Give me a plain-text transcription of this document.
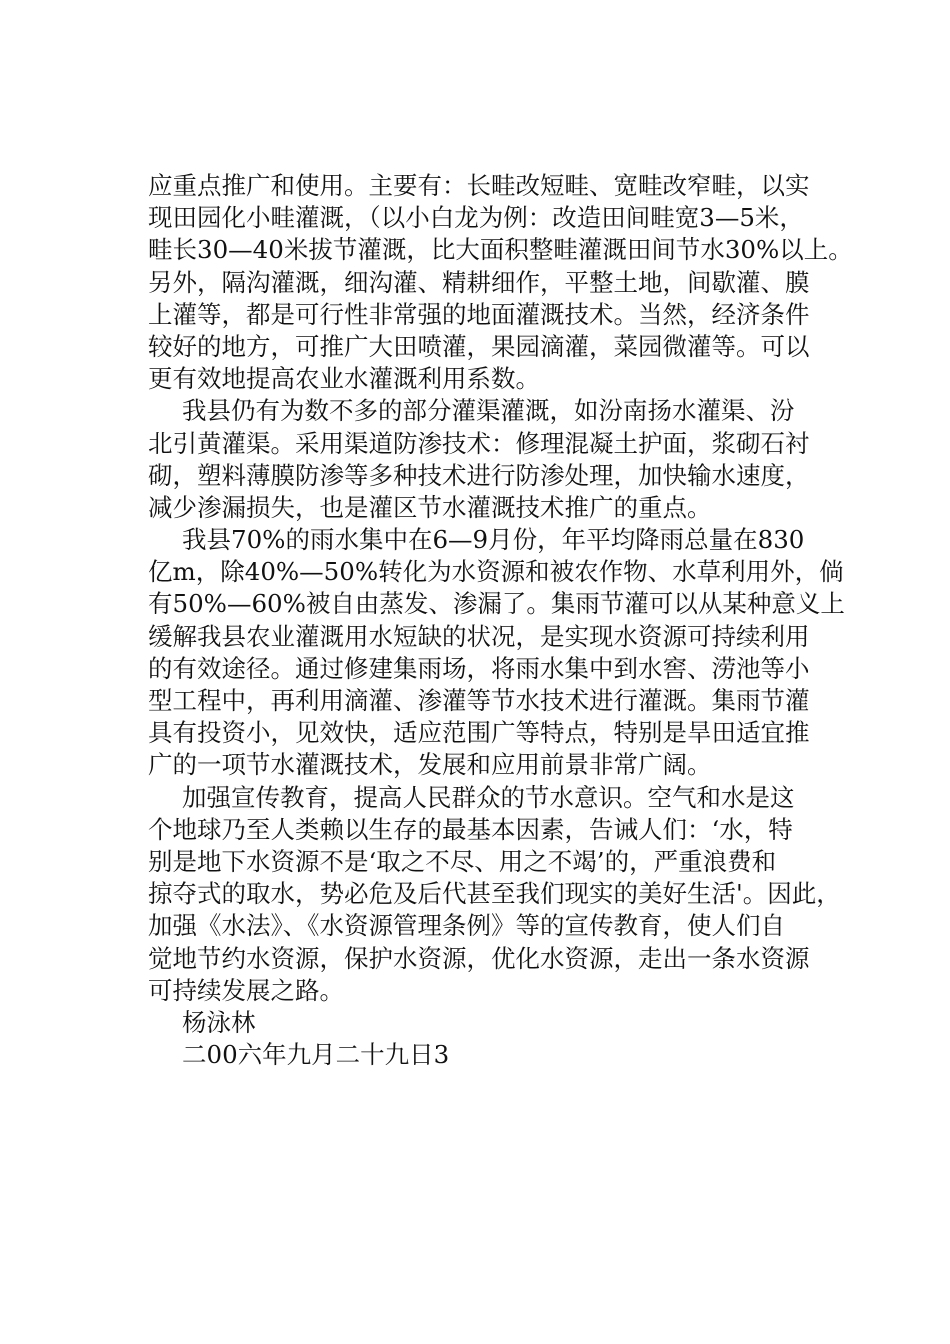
应重点推广和使用。主要有：长畦改短畦、宽畦改窄畦，以实
现田园化小畦灌溉，（以小白龙为例：改造田间畦宽3—5米，
畦长30—40米拔节灌溉，比大面积整畦灌溉田间节水30%以上。
另外，隔沟灌溉，细沟灌、精耕细作，平整土地，间歇灌、膜
上灌等，都是可行性非常强的地面灌溉技术。当然，经济条件
较好的地方，可推广大田喷灌，果园滴灌，菜园微灌等。可以
更有效地提高农业水灌溉利用系数。
我县仍有为数不多的部分灌渠灌溉，如汾南扬水灌渠、汾
北引黄灌渠。采用渠道防渗技术：修理混凝土护面，浆砌石衬
砌，塑料薄膜防渗等多种技术进行防渗处理，加快输水速度，
减少渗漏损失，也是灌区节水灌溉技术推广的重点。
我县70%的雨水集中在6—9月份，年平均降雨总量在830
亿m，除40%—50%转化为水资源和被农作物、水草利用外，倘
有50%—60%被自由蒸发、渗漏了。集雨节灌可以从某种意义上
缓解我县农业灌溉用水短缺的状况，是实现水资源可持续利用
的有效途径。通过修建集雨场，将雨水集中到水窖、涝池等小
型工程中，再利用滴灌、渗灌等节水技术进行灌溉。集雨节灌
具有投资小，见效快，适应范围广等特点，特别是旱田适宜推
广的一项节水灌溉技术，发展和应用前景非常广阔。
加强宣传教育，提高人民群众的节水意识。空气和水是这
个地球乃至人类赖以生存的最基本因素，告诫人们：‘水，特
别是地下水资源不是‘取之不尽、用之不竭’的，严重浪费和
掠夺式的取水，势必危及后代甚至我们现实的美好生活'。因此，
加强《水法》、《水资源管理条例》等的宣传教育，使人们自
觉地节约水资源，保护水资源，优化水资源，走出一条水资源
可持续发展之路。
杨泳林
二00六年九月二十九日3
